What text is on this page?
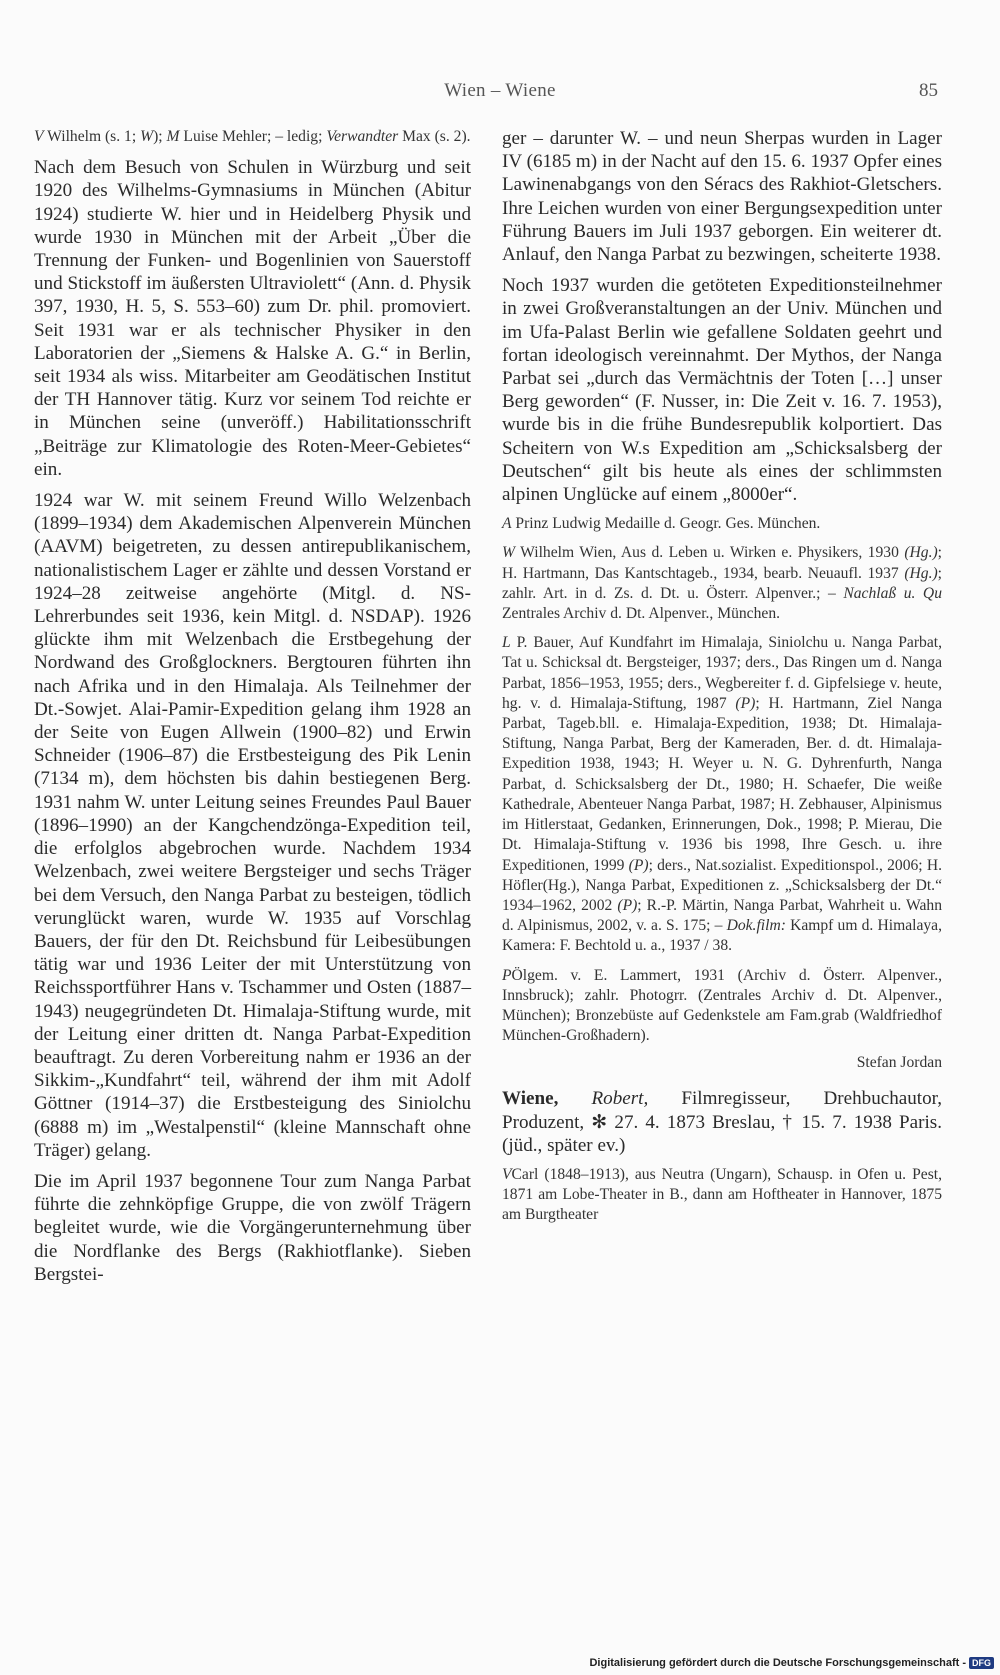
Wien – Wiene	85

V Wilhelm (s. 1; W); M Luise Mehler; – ledig; Verwandter Max (s. 2).

Nach dem Besuch von Schulen in Würzburg und seit 1920 des Wilhelms-Gymnasiums in München (Abitur 1924) studierte W. hier und in Heidelberg Physik und wurde 1930 in München mit der Arbeit „Über die Trennung der Funken- und Bogenlinien von Sauerstoff und Stickstoff im äußersten Ultraviolett“ (Ann. d. Physik 397, 1930, H. 5, S. 553–60) zum Dr. phil. promoviert. Seit 1931 war er als technischer Physiker in den Laboratorien der „Siemens & Halske A. G.“ in Berlin, seit 1934 als wiss. Mitarbeiter am Geodätischen Institut der TH Hannover tätig. Kurz vor seinem Tod reichte er in München seine (unveröff.) Habilitationsschrift „Beiträge zur Klimatologie des Roten-Meer-Gebietes“ ein.

1924 war W. mit seinem Freund Willo Welzenbach (1899–1934) dem Akademischen Alpenverein München (AAVM) beigetreten, zu dessen antirepublikanischem, nationalistischem Lager er zählte und dessen Vorstand er 1924–28 zeitweise angehörte (Mitgl. d. NS-Lehrerbundes seit 1936, kein Mitgl. d. NSDAP). 1926 glückte ihm mit Welzenbach die Erstbegehung der Nordwand des Großglockners. Bergtouren führten ihn nach Afrika und in den Himalaja. Als Teilnehmer der Dt.-Sowjet. Alai-Pamir-Expedition gelang ihm 1928 an der Seite von Eugen Allwein (1900–82) und Erwin Schneider (1906–87) die Erstbesteigung des Pik Lenin (7134 m), dem höchsten bis dahin bestiegenen Berg. 1931 nahm W. unter Leitung seines Freundes Paul Bauer (1896–1990) an der Kangchendzönga-Expedition teil, die erfolglos abgebrochen wurde. Nachdem 1934 Welzenbach, zwei weitere Bergsteiger und sechs Träger bei dem Versuch, den Nanga Parbat zu besteigen, tödlich verunglückt waren, wurde W. 1935 auf Vorschlag Bauers, der für den Dt. Reichsbund für Leibesübungen tätig war und 1936 Leiter der mit Unterstützung von Reichssportführer Hans v. Tschammer und Osten (1887–1943) neugegründeten Dt. Himalaja-Stiftung wurde, mit der Leitung einer dritten dt. Nanga Parbat-Expedition beauftragt. Zu deren Vorbereitung nahm er 1936 an der Sikkim-„Kundfahrt“ teil, während der ihm mit Adolf Göttner (1914–37) die Erstbesteigung des Siniolchu (6888 m) im „Westalpenstil“ (kleine Mannschaft ohne Träger) gelang.

Die im April 1937 begonnene Tour zum Nanga Parbat führte die zehnköpfige Gruppe, die von zwölf Trägern begleitet wurde, wie die Vorgängerunternehmung über die Nordflanke des Bergs (Rakhiotflanke). Sieben Bergstei-

ger – darunter W. – und neun Sherpas wurden in Lager IV (6185 m) in der Nacht auf den 15. 6. 1937 Opfer eines Lawinenabgangs von den Séracs des Rakhiot-Gletschers. Ihre Leichen wurden von einer Bergungsexpedition unter Führung Bauers im Juli 1937 geborgen. Ein weiterer dt. Anlauf, den Nanga Parbat zu bezwingen, scheiterte 1938.

Noch 1937 wurden die getöteten Expeditionsteilnehmer in zwei Großveranstaltungen an der Univ. München und im Ufa-Palast Berlin wie gefallene Soldaten geehrt und fortan ideologisch vereinnahmt. Der Mythos, der Nanga Parbat sei „durch das Vermächtnis der Toten […] unser Berg geworden“ (F. Nusser, in: Die Zeit v. 16. 7. 1953), wurde bis in die frühe Bundesrepublik kolportiert. Das Scheitern von W.s Expedition am „Schicksalsberg der Deutschen“ gilt bis heute als eines der schlimmsten alpinen Unglücke auf einem „8000er“.

A Prinz Ludwig Medaille d. Geogr. Ges. München.

W Wilhelm Wien, Aus d. Leben u. Wirken e. Physikers, 1930 (Hg.); H. Hartmann, Das Kantschtageb., 1934, bearb. Neuaufl. 1937 (Hg.); zahlr. Art. in d. Zs. d. Dt. u. Österr. Alpenver.; – Nachlaß u. Qu Zentrales Archiv d. Dt. Alpenver., München.

L P. Bauer, Auf Kundfahrt im Himalaja, Siniolchu u. Nanga Parbat, Tat u. Schicksal dt. Bergsteiger, 1937; ders., Das Ringen um d. Nanga Parbat, 1856–1953, 1955; ders., Wegbereiter f. d. Gipfelsiege v. heute, hg. v. d. Himalaja-Stiftung, 1987 (P); H. Hartmann, Ziel Nanga Parbat, Tageb.bll. e. Himalaja-Expedition, 1938; Dt. Himalaja-Stiftung, Nanga Parbat, Berg der Kameraden, Ber. d. dt. Himalaja-Expedition 1938, 1943; H. Weyer u. N. G. Dyhrenfurth, Nanga Parbat, d. Schicksalsberg der Dt., 1980; H. Schaefer, Die weiße Kathedrale, Abenteuer Nanga Parbat, 1987; H. Zebhauser, Alpinismus im Hitlerstaat, Gedanken, Erinnerungen, Dok., 1998; P. Mierau, Die Dt. Himalaja-Stiftung v. 1936 bis 1998, Ihre Gesch. u. ihre Expeditionen, 1999 (P); ders., Nat.sozialist. Expeditionspol., 2006; H. Höfler(Hg.), Nanga Parbat, Expeditionen z. „Schicksalsberg der Dt.“ 1934–1962, 2002 (P); R.-P. Märtin, Nanga Parbat, Wahrheit u. Wahn d. Alpinismus, 2002, v. a. S. 175; – Dok.film: Kampf um d. Himalaya, Kamera: F. Bechtold u. a., 1937 / 38.

PÖlgem. v. E. Lammert, 1931 (Archiv d. Österr. Alpenver., Innsbruck); zahlr. Photogrr. (Zentrales Archiv d. Dt. Alpenver., München); Bronzebüste auf Gedenkstele am Fam.grab (Waldfriedhof München-Großhadern).

Stefan Jordan

Wiene, Robert, Filmregisseur, Drehbuchautor, Produzent, ✻ 27. 4. 1873 Breslau, † 15. 7. 1938 Paris. (jüd., später ev.)

VCarl (1848–1913), aus Neutra (Ungarn), Schausp. in Ofen u. Pest, 1871 am Lobe-Theater in B., dann am Hoftheater in Hannover, 1875 am Burgtheater

Digitalisierung gefördert durch die Deutsche Forschungsgemeinschaft - DFG
